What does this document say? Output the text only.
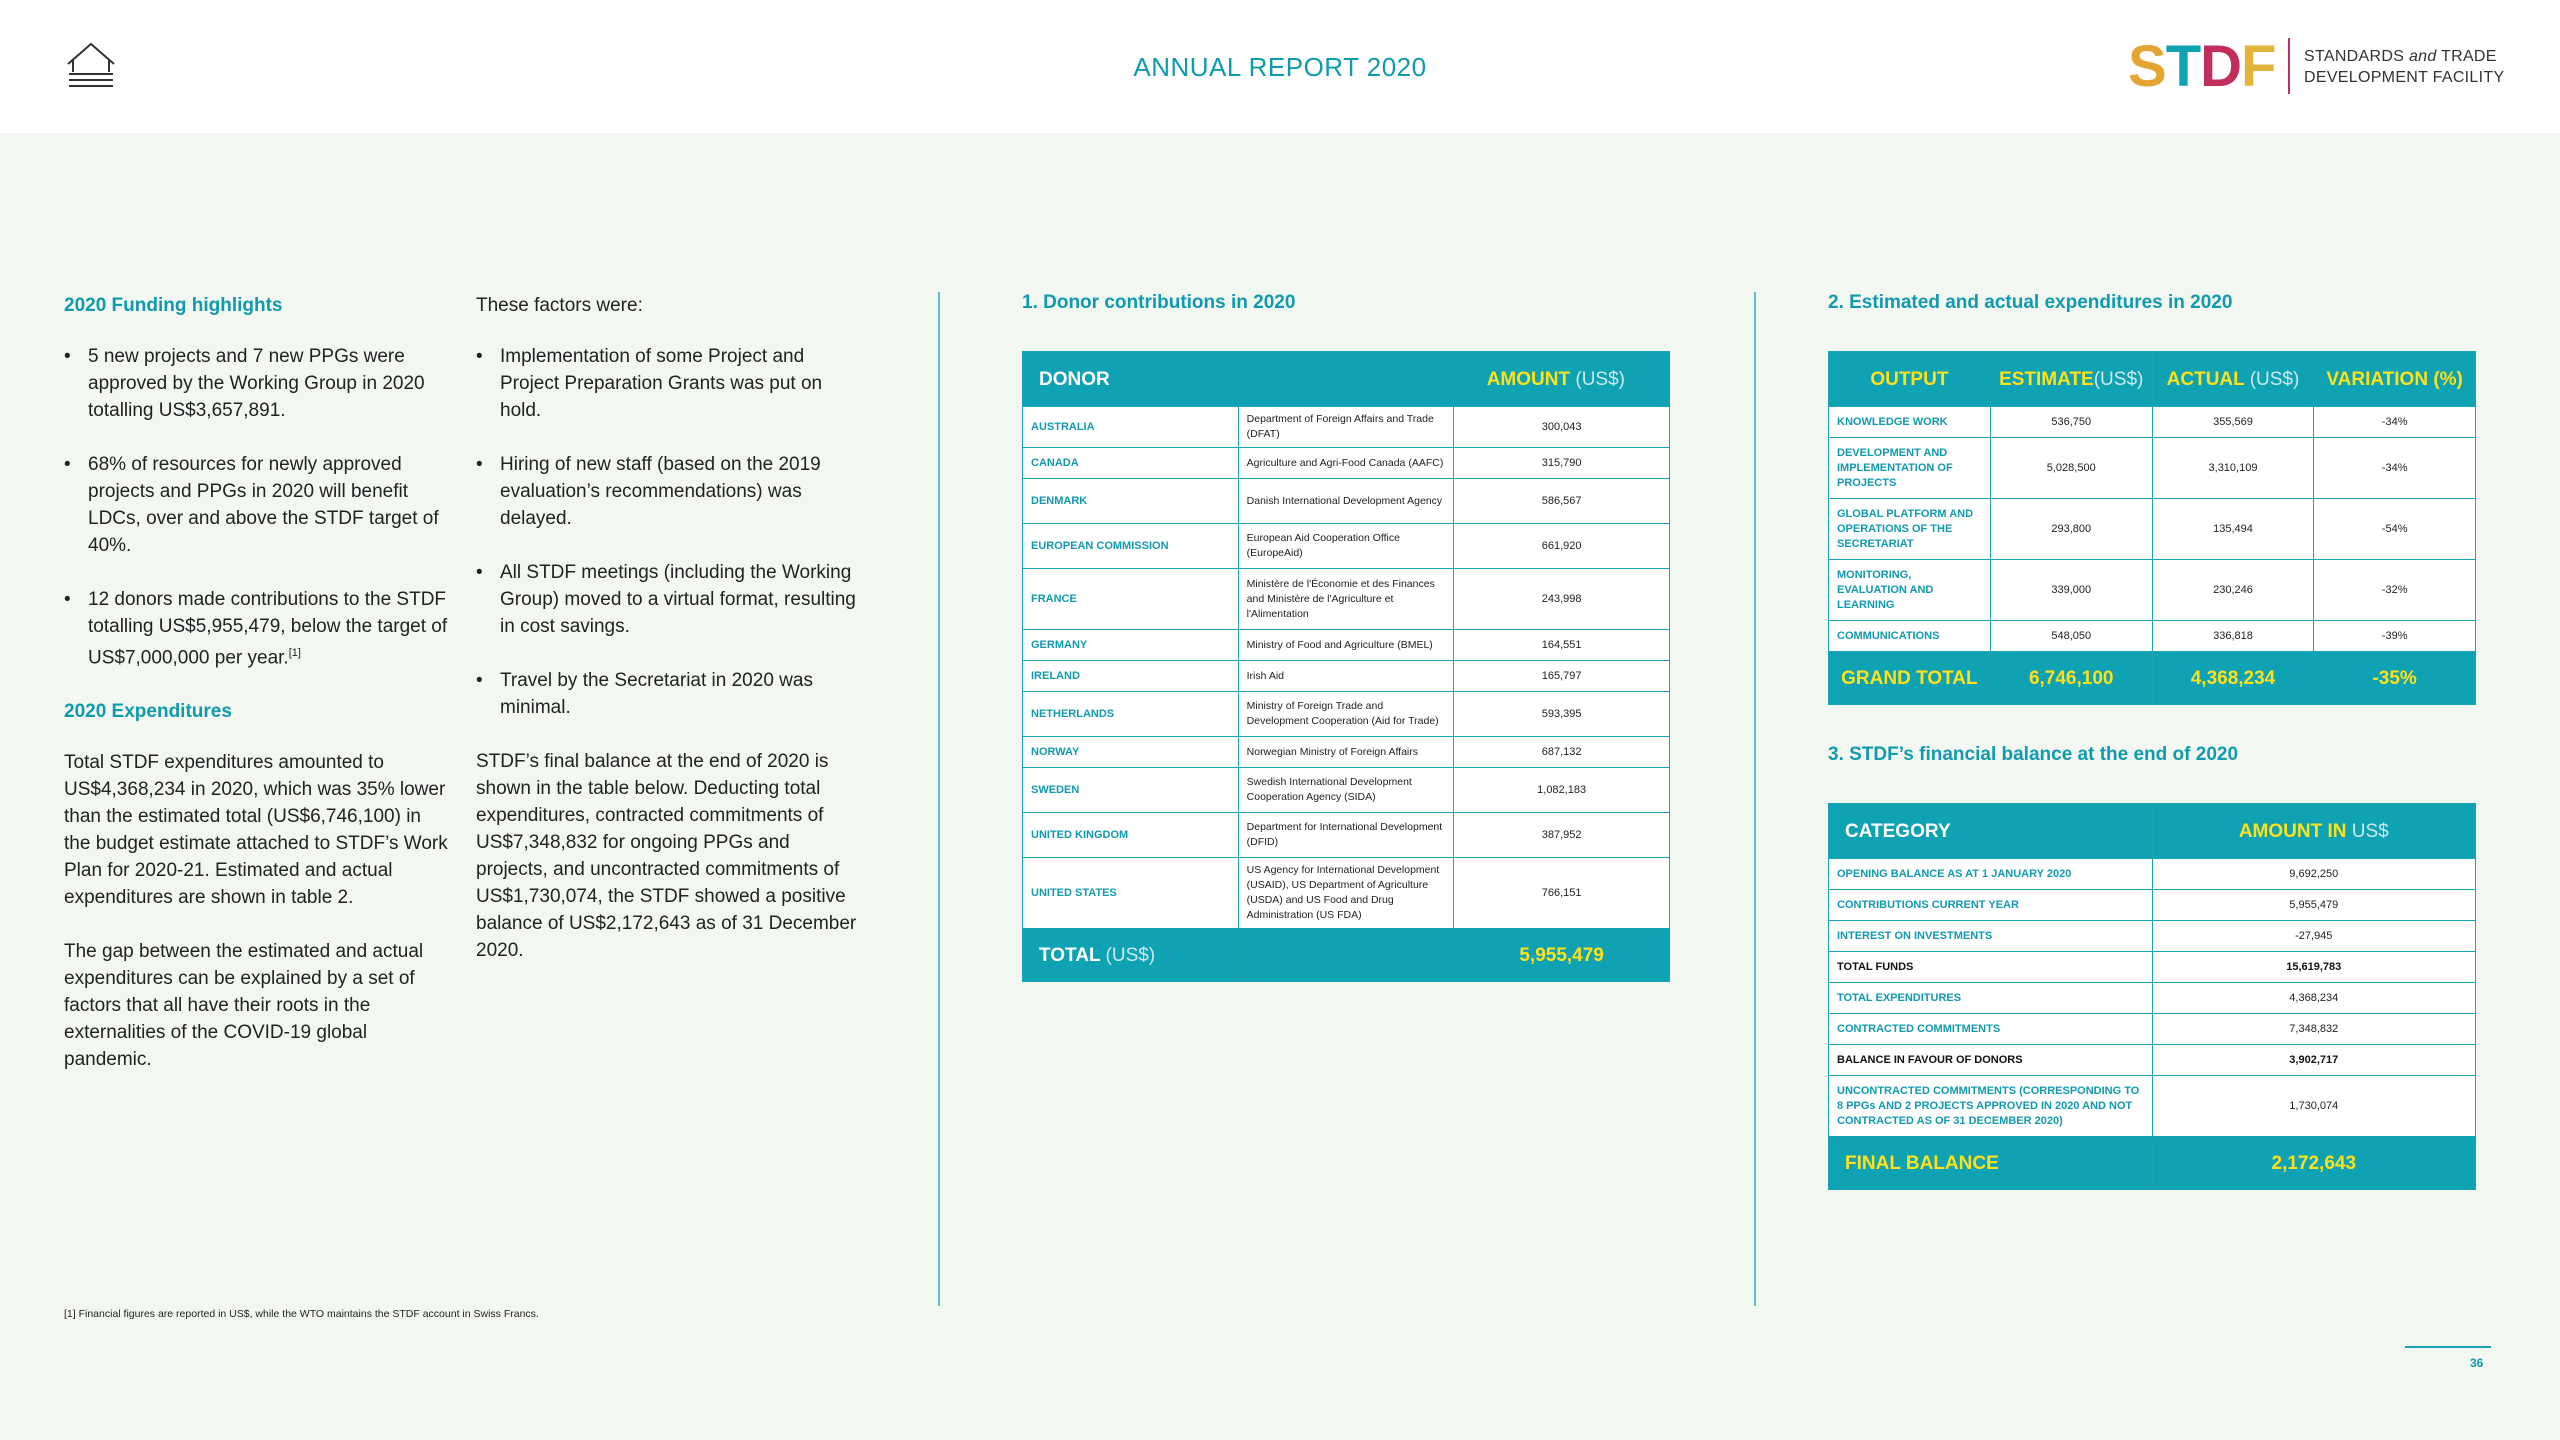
ANNUAL REPORT 2020	STDF STANDARDS and TRADE
DEVELOPMENT FACILITY
2020 Funding highlights
• 5 new projects and 7 new PPGs were approved by the Working Group in 2020 totalling US$3,657,891.
• 68% of resources for newly approved projects and PPGs in 2020 will benefit LDCs, over and above the STDF target of 40%.
• 12 donors made contributions to the STDF totalling US$5,955,479, below the target of US$7,000,000 per year.[1]
2020 Expenditures

Total STDF expenditures amounted to US$4,368,234 in 2020, which was 35% lower than the estimated total (US$6,746,100) in the budget estimate attached to STDF’s Work Plan for 2020-21. Estimated and actual expenditures are shown in table 2.

The gap between the estimated and actual expenditures can be explained by a set of factors that all have their roots in the externalities of the COVID-19 global pandemic.

These factors were:

• Implementation of some Project and Project Preparation Grants was put on hold.
• Hiring of new staff (based on the 2019 evaluation’s recommendations) was delayed.
• All STDF meetings (including the Working Group) moved to a virtual format, resulting in cost savings.
• Travel by the Secretariat in 2020 was minimal.

STDF’s final balance at the end of 2020 is shown in the table below. Deducting total expenditures, contracted commitments of US$7,348,832 for ongoing PPGs and projects, and uncontracted commitments of US$1,730,074, the STDF showed a positive balance of US$2,172,643 as of 31 December 2020.

1. Donor contributions in 2020
DONOR		AMOUNT (US$)
AUSTRALIA	Department of Foreign Affairs and Trade (DFAT)	300,043
CANADA	Agriculture and Agri-Food Canada (AAFC)	315,790
DENMARK	Danish International Development Agency	586,567
EUROPEAN COMMISSION	European Aid Cooperation Office (EuropeAid)	661,920
FRANCE	Ministère de l'Économie et des Finances and Ministère de l'Agriculture et l'Alimentation	243,998
GERMANY	Ministry of Food and Agriculture (BMEL)	164,551
IRELAND	Irish Aid	165,797
NETHERLANDS	Ministry of Foreign Trade and Development Cooperation (Aid for Trade)	593,395
NORWAY	Norwegian Ministry of Foreign Affairs	687,132
SWEDEN	Swedish International Development Cooperation Agency (SIDA)	1,082,183
UNITED KINGDOM	Department for International Development (DFID)	387,952
UNITED STATES	US Agency for International Development (USAID), US Department of Agriculture (USDA) and US Food and Drug Administration (US FDA)	766,151
TOTAL (US$)		5,955,479
2. Estimated and actual expenditures in 2020
OUTPUT	ESTIMATE(US$)	ACTUAL (US$)	VARIATION (%)
KNOWLEDGE WORK	536,750	355,569	-34%
DEVELOPMENT AND IMPLEMENTATION OF PROJECTS	5,028,500	3,310,109	-34%
GLOBAL PLATFORM AND OPERATIONS OF THE SECRETARIAT	293,800	135,494	-54%
MONITORING, EVALUATION AND LEARNING	339,000	230,246	-32%
COMMUNICATIONS	548,050	336,818	-39%
GRAND TOTAL	6,746,100	4,368,234	-35%
3. STDF’s financial balance at the end of 2020
CATEGORY	AMOUNT IN US$
OPENING BALANCE AS AT 1 JANUARY 2020	9,692,250
CONTRIBUTIONS CURRENT YEAR	5,955,479
INTEREST ON INVESTMENTS	-27,945
TOTAL FUNDS	15,619,783
TOTAL EXPENDITURES	4,368,234
CONTRACTED COMMITMENTS	7,348,832
BALANCE IN FAVOUR OF DONORS	3,902,717
UNCONTRACTED COMMITMENTS (CORRESPONDING TO 8 PPGs AND 2 PROJECTS APPROVED IN 2020 AND NOT CONTRACTED AS OF 31 DECEMBER 2020)	1,730,074
FINAL BALANCE	2,172,643
[1] Financial figures are reported in US$, while the WTO maintains the STDF account in Swiss Francs.
36
